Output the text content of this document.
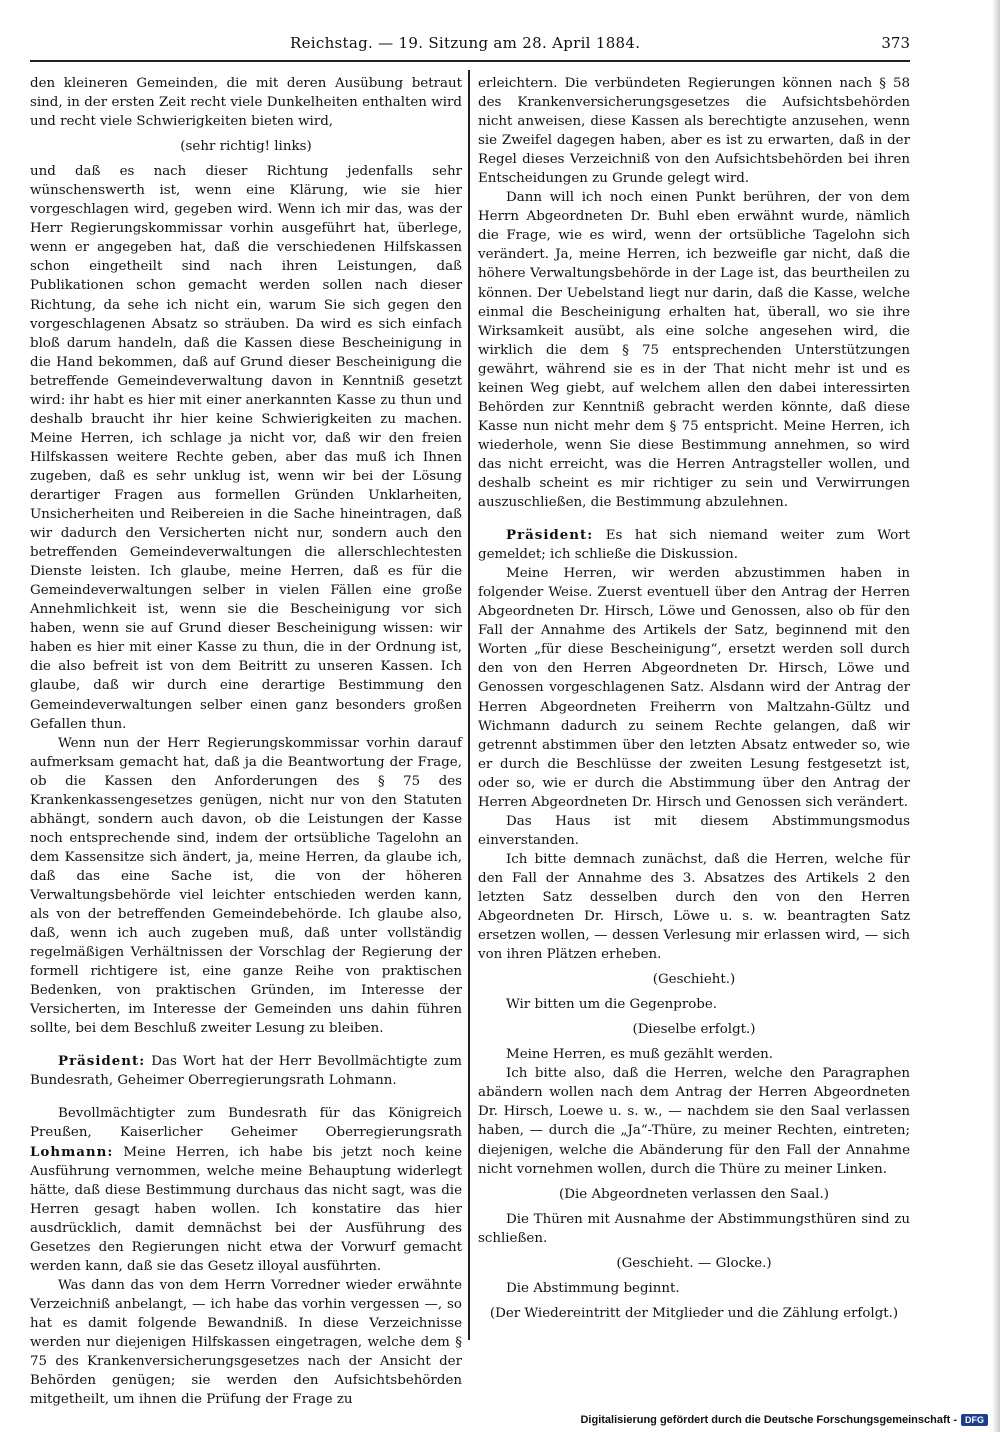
Reichstag. — 19. Sitzung am 28. April 1884.	373

den kleineren Gemeinden, die mit deren Ausübung betraut sind, in der ersten Zeit recht viele Dunkelheiten enthalten wird und recht viele Schwierigkeiten bieten wird,

(sehr richtig! links)

und daß es nach dieser Richtung jedenfalls sehr wünschenswerth ist, wenn eine Klärung, wie sie hier vorgeschlagen wird, gegeben wird. Wenn ich mir das, was der Herr Regierungskommissar vorhin ausgeführt hat, überlege, wenn er angegeben hat, daß die verschiedenen Hilfskassen schon eingetheilt sind nach ihren Leistungen, daß Publikationen schon gemacht werden sollen nach dieser Richtung, da sehe ich nicht ein, warum Sie sich gegen den vorgeschlagenen Absatz so sträuben. Da wird es sich einfach bloß darum handeln, daß die Kassen diese Bescheinigung in die Hand bekommen, daß auf Grund dieser Bescheinigung die betreffende Gemeindeverwaltung davon in Kenntniß gesetzt wird: ihr habt es hier mit einer anerkannten Kasse zu thun und deshalb braucht ihr hier keine Schwierigkeiten zu machen. Meine Herren, ich schlage ja nicht vor, daß wir den freien Hilfskassen weitere Rechte geben, aber das muß ich Ihnen zugeben, daß es sehr unklug ist, wenn wir bei der Lösung derartiger Fragen aus formellen Gründen Unklarheiten, Unsicherheiten und Reibereien in die Sache hineintragen, daß wir dadurch den Versicherten nicht nur, sondern auch den betreffenden Gemeindeverwaltungen die allerschlechtesten Dienste leisten. Ich glaube, meine Herren, daß es für die Gemeindeverwaltungen selber in vielen Fällen eine große Annehmlichkeit ist, wenn sie die Bescheinigung vor sich haben, wenn sie auf Grund dieser Bescheinigung wissen: wir haben es hier mit einer Kasse zu thun, die in der Ordnung ist, die also befreit ist von dem Beitritt zu unseren Kassen. Ich glaube, daß wir durch eine derartige Bestimmung den Gemeindeverwaltungen selber einen ganz besonders großen Gefallen thun.

Wenn nun der Herr Regierungskommissar vorhin darauf aufmerksam gemacht hat, daß ja die Beantwortung der Frage, ob die Kassen den Anforderungen des § 75 des Krankenkassengesetzes genügen, nicht nur von den Statuten abhängt, sondern auch davon, ob die Leistungen der Kasse noch entsprechende sind, indem der ortsübliche Tagelohn an dem Kassensitze sich ändert, ja, meine Herren, da glaube ich, daß das eine Sache ist, die von der höheren Verwaltungsbehörde viel leichter entschieden werden kann, als von der betreffenden Gemeindebehörde. Ich glaube also, daß, wenn ich auch zugeben muß, daß unter vollständig regelmäßigen Verhältnissen der Vorschlag der Regierung der formell richtigere ist, eine ganze Reihe von praktischen Bedenken, von praktischen Gründen, im Interesse der Versicherten, im Interesse der Gemeinden uns dahin führen sollte, bei dem Beschluß zweiter Lesung zu bleiben.

Präsident: Das Wort hat der Herr Bevollmächtigte zum Bundesrath, Geheimer Oberregierungsrath Lohmann.

Bevollmächtigter zum Bundesrath für das Königreich Preußen, Kaiserlicher Geheimer Oberregierungsrath Lohmann: Meine Herren, ich habe bis jetzt noch keine Ausführung vernommen, welche meine Behauptung widerlegt hätte, daß diese Bestimmung durchaus das nicht sagt, was die Herren gesagt haben wollen. Ich konstatire das hier ausdrücklich, damit demnächst bei der Ausführung des Gesetzes den Regierungen nicht etwa der Vorwurf gemacht werden kann, daß sie das Gesetz illoyal ausführten.

Was dann das von dem Herrn Vorredner wieder erwähnte Verzeichniß anbelangt, — ich habe das vorhin vergessen —, so hat es damit folgende Bewandniß. In diese Verzeichnisse werden nur diejenigen Hilfskassen eingetragen, welche dem § 75 des Krankenversicherungsgesetzes nach der Ansicht der Behörden genügen; sie werden den Aufsichtsbehörden mitgetheilt, um ihnen die Prüfung der Frage zu

erleichtern. Die verbündeten Regierungen können nach § 58 des Krankenversicherungsgesetzes die Aufsichtsbehörden nicht anweisen, diese Kassen als berechtigte anzusehen, wenn sie Zweifel dagegen haben, aber es ist zu erwarten, daß in der Regel dieses Verzeichniß von den Aufsichtsbehörden bei ihren Entscheidungen zu Grunde gelegt wird.

Dann will ich noch einen Punkt berühren, der von dem Herrn Abgeordneten Dr. Buhl eben erwähnt wurde, nämlich die Frage, wie es wird, wenn der ortsübliche Tagelohn sich verändert. Ja, meine Herren, ich bezweifle gar nicht, daß die höhere Verwaltungsbehörde in der Lage ist, das beurtheilen zu können. Der Uebelstand liegt nur darin, daß die Kasse, welche einmal die Bescheinigung erhalten hat, überall, wo sie ihre Wirksamkeit ausübt, als eine solche angesehen wird, die wirklich die dem § 75 entsprechenden Unterstützungen gewährt, während sie es in der That nicht mehr ist und es keinen Weg giebt, auf welchem allen den dabei interessirten Behörden zur Kenntniß gebracht werden könnte, daß diese Kasse nun nicht mehr dem § 75 entspricht. Meine Herren, ich wiederhole, wenn Sie diese Bestimmung annehmen, so wird das nicht erreicht, was die Herren Antragsteller wollen, und deshalb scheint es mir richtiger zu sein und Verwirrungen auszuschließen, die Bestimmung abzulehnen.

Präsident: Es hat sich niemand weiter zum Wort gemeldet; ich schließe die Diskussion.

Meine Herren, wir werden abzustimmen haben in folgender Weise. Zuerst eventuell über den Antrag der Herren Abgeordneten Dr. Hirsch, Löwe und Genossen, also ob für den Fall der Annahme des Artikels der Satz, beginnend mit den Worten „für diese Bescheinigung“, ersetzt werden soll durch den von den Herren Abgeordneten Dr. Hirsch, Löwe und Genossen vorgeschlagenen Satz. Alsdann wird der Antrag der Herren Abgeordneten Freiherrn von Maltzahn-Gültz und Wichmann dadurch zu seinem Rechte gelangen, daß wir getrennt abstimmen über den letzten Absatz entweder so, wie er durch die Beschlüsse der zweiten Lesung festgesetzt ist, oder so, wie er durch die Abstimmung über den Antrag der Herren Abgeordneten Dr. Hirsch und Genossen sich verändert.

Das Haus ist mit diesem Abstimmungsmodus einverstanden.

Ich bitte demnach zunächst, daß die Herren, welche für den Fall der Annahme des 3. Absatzes des Artikels 2 den letzten Satz desselben durch den von den Herren Abgeordneten Dr. Hirsch, Löwe u. s. w. beantragten Satz ersetzen wollen, — dessen Verlesung mir erlassen wird, — sich von ihren Plätzen erheben.

(Geschieht.)

Wir bitten um die Gegenprobe.

(Dieselbe erfolgt.)

Meine Herren, es muß gezählt werden.

Ich bitte also, daß die Herren, welche den Paragraphen abändern wollen nach dem Antrag der Herren Abgeordneten Dr. Hirsch, Loewe u. s. w., — nachdem sie den Saal verlassen haben, — durch die „Ja“-Thüre, zu meiner Rechten, eintreten; diejenigen, welche die Abänderung für den Fall der Annahme nicht vornehmen wollen, durch die Thüre zu meiner Linken.

(Die Abgeordneten verlassen den Saal.)

Die Thüren mit Ausnahme der Abstimmungsthüren sind zu schließen.

(Geschieht. — Glocke.)

Die Abstimmung beginnt.

(Der Wiedereintritt der Mitglieder und die Zählung erfolgt.)

Digitalisierung gefördert durch die Deutsche Forschungsgemeinschaft - DFG
